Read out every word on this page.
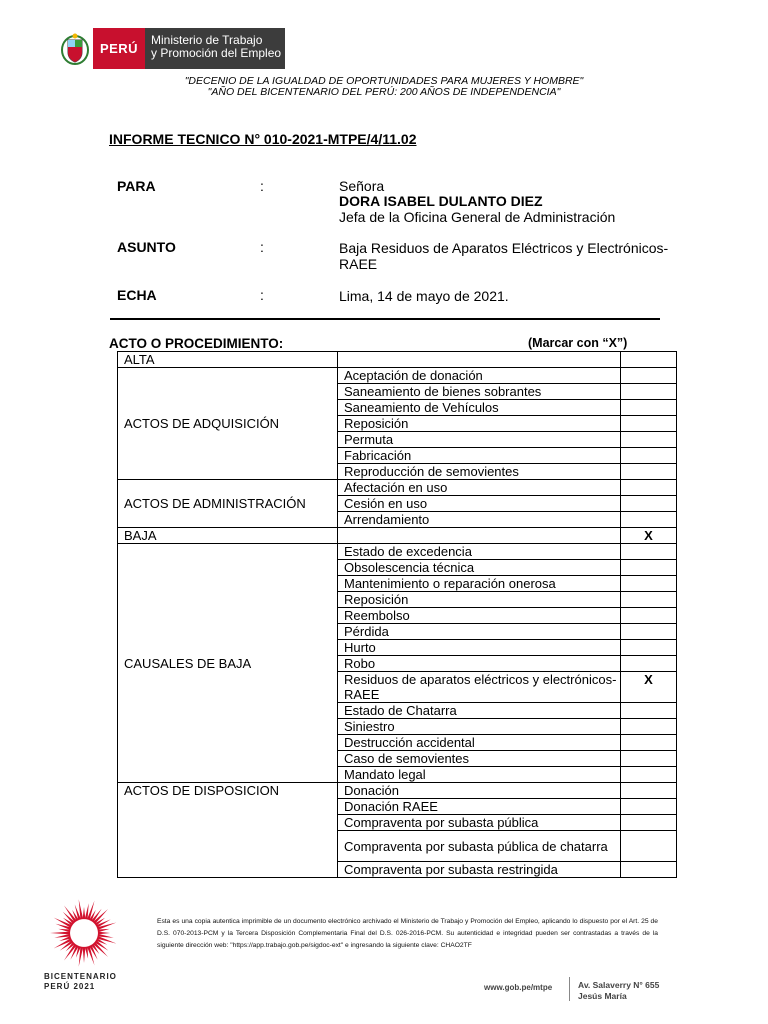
PERÚ
Ministerio de Trabajo
y Promoción del Empleo
"DECENIO DE LA IGUALDAD DE OPORTUNIDADES PARA MUJERES Y HOMBRE"
"AÑO DEL BICENTENARIO DEL PERÚ: 200 AÑOS DE INDEPENDENCIA"
INFORME TECNICO N° 010-2021-MTPE/4/11.02
PARA	:	Señora
DORA ISABEL DULANTO DIEZ
Jefa de la Oficina General de Administración
ASUNTO	:	Baja Residuos de Aparatos Eléctricos y Electrónicos-
RAEE
ECHA	:	Lima, 14 de mayo de 2021.
ACTO O PROCEDIMIENTO:	(Marcar con “X”)
ALTA		
ACTOS DE ADQUISICIÓN	Aceptación de donación	
	Saneamiento de bienes sobrantes	
	Saneamiento de Vehículos	
	Reposición	
	Permuta	
	Fabricación	
	Reproducción de semovientes	
ACTOS DE ADMINISTRACIÓN	Afectación en uso	
	Cesión en uso	
	Arrendamiento	
BAJA		X
CAUSALES DE BAJA	Estado de excedencia	
	Obsolescencia técnica	
	Mantenimiento o reparación onerosa	
	Reposición	
	Reembolso	
	Pérdida	
	Hurto	
	Robo	
	Residuos de aparatos eléctricos y electrónicos-RAEE	X
	Estado de Chatarra	
	Siniestro	
	Destrucción accidental	
	Caso de semovientes	
	Mandato legal	
ACTOS DE DISPOSICION	Donación	
	Donación RAEE	
	Compraventa por subasta pública	
	Compraventa por subasta pública de chatarra	
	Compraventa por subasta restringida	
BICENTENARIO
PERÚ 2021
Esta es una copia autentica imprimible de un documento electrónico archivado el Ministerio de Trabajo y Promoción del Empleo, aplicando lo dispuesto por el Art. 25 de D.S. 070-2013-PCM y la Tercera Disposición Complementaria Final del D.S. 026-2016-PCM. Su autenticidad e integridad pueden ser contrastadas a través de la siguiente dirección web: "https://app.trabajo.gob.pe/sigdoc-ext" e ingresando la siguiente clave: CHAO2TF
www.gob.pe/mtpe	Av. Salaverry N° 655
Jesús María
